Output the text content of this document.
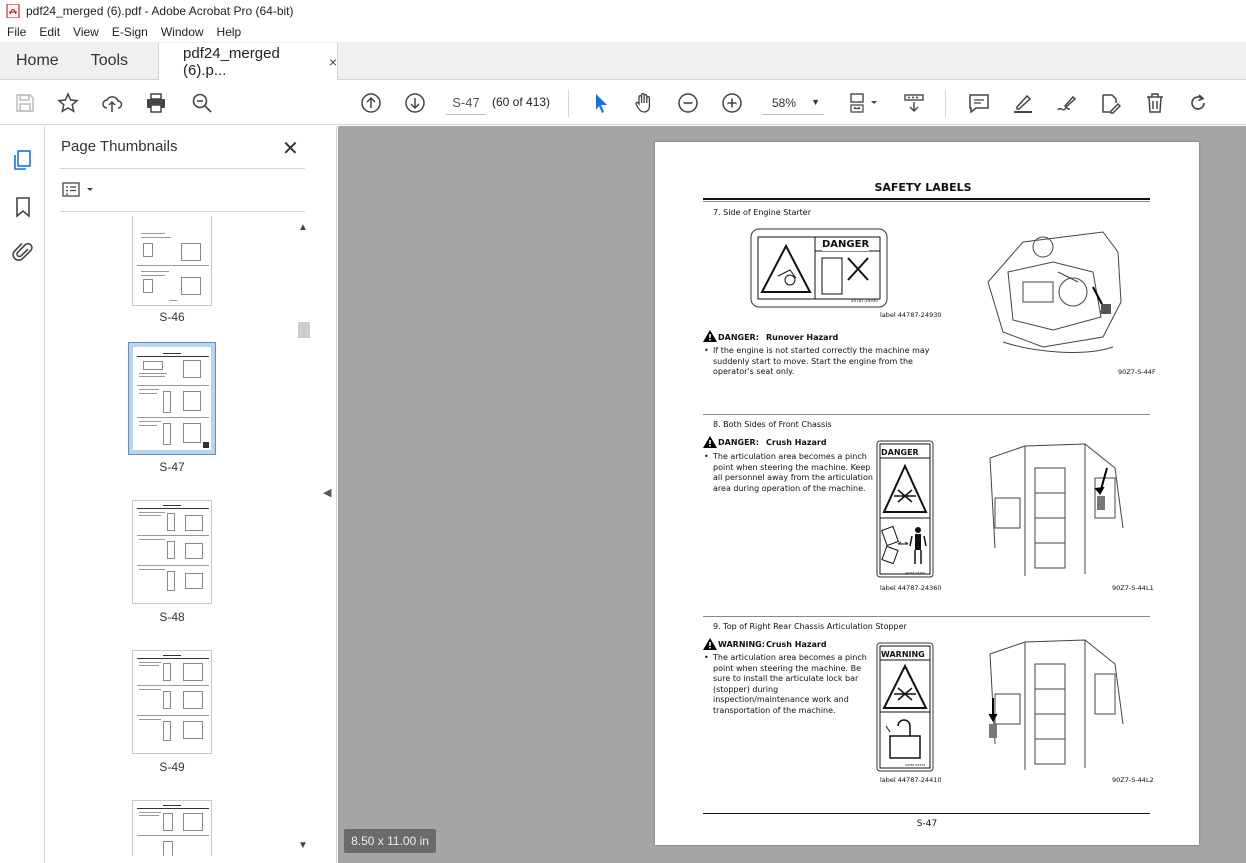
pdf24_merged (6).pdf - Adobe Acrobat Pro (64-bit)
File	Edit	View	E-Sign	Window	Help
Home	Tools	pdf24_merged (6).p...	×
S-47	(60 of 413)	58% ▼
Page Thumbnails	✕
S-46
S-47
S-48
S-49
▲
▼
◀
SAFETY LABELS
7. Side of Engine Starter
DANGER
44787-24930
label 44787-24930
90Z7-S-44F
DANGER: Runover Hazard
• If the engine is not started correctly the machine may suddenly start to move. Start the engine from the operator's seat only.
8. Both Sides of Front Chassis
DANGER: Crush Hazard
• The articulation area becomes a pinch point when steering the machine. Keep all personnel away from the articulation area during operation of the machine.
DANGER
44787-24360
label 44787-24360	90Z7-S-44L1
9. Top of Right Rear Chassis Articulation Stopper
WARNING: Crush Hazard
• The articulation area becomes a pinch point when steering the machine. Be sure to install the articulate lock bar (stopper) during inspection/maintenance work and transportation of the machine.
WARNING
44787-24410
label 44787-24410	90Z7-S-44L2
S-47
8.50 x 11.00 in
